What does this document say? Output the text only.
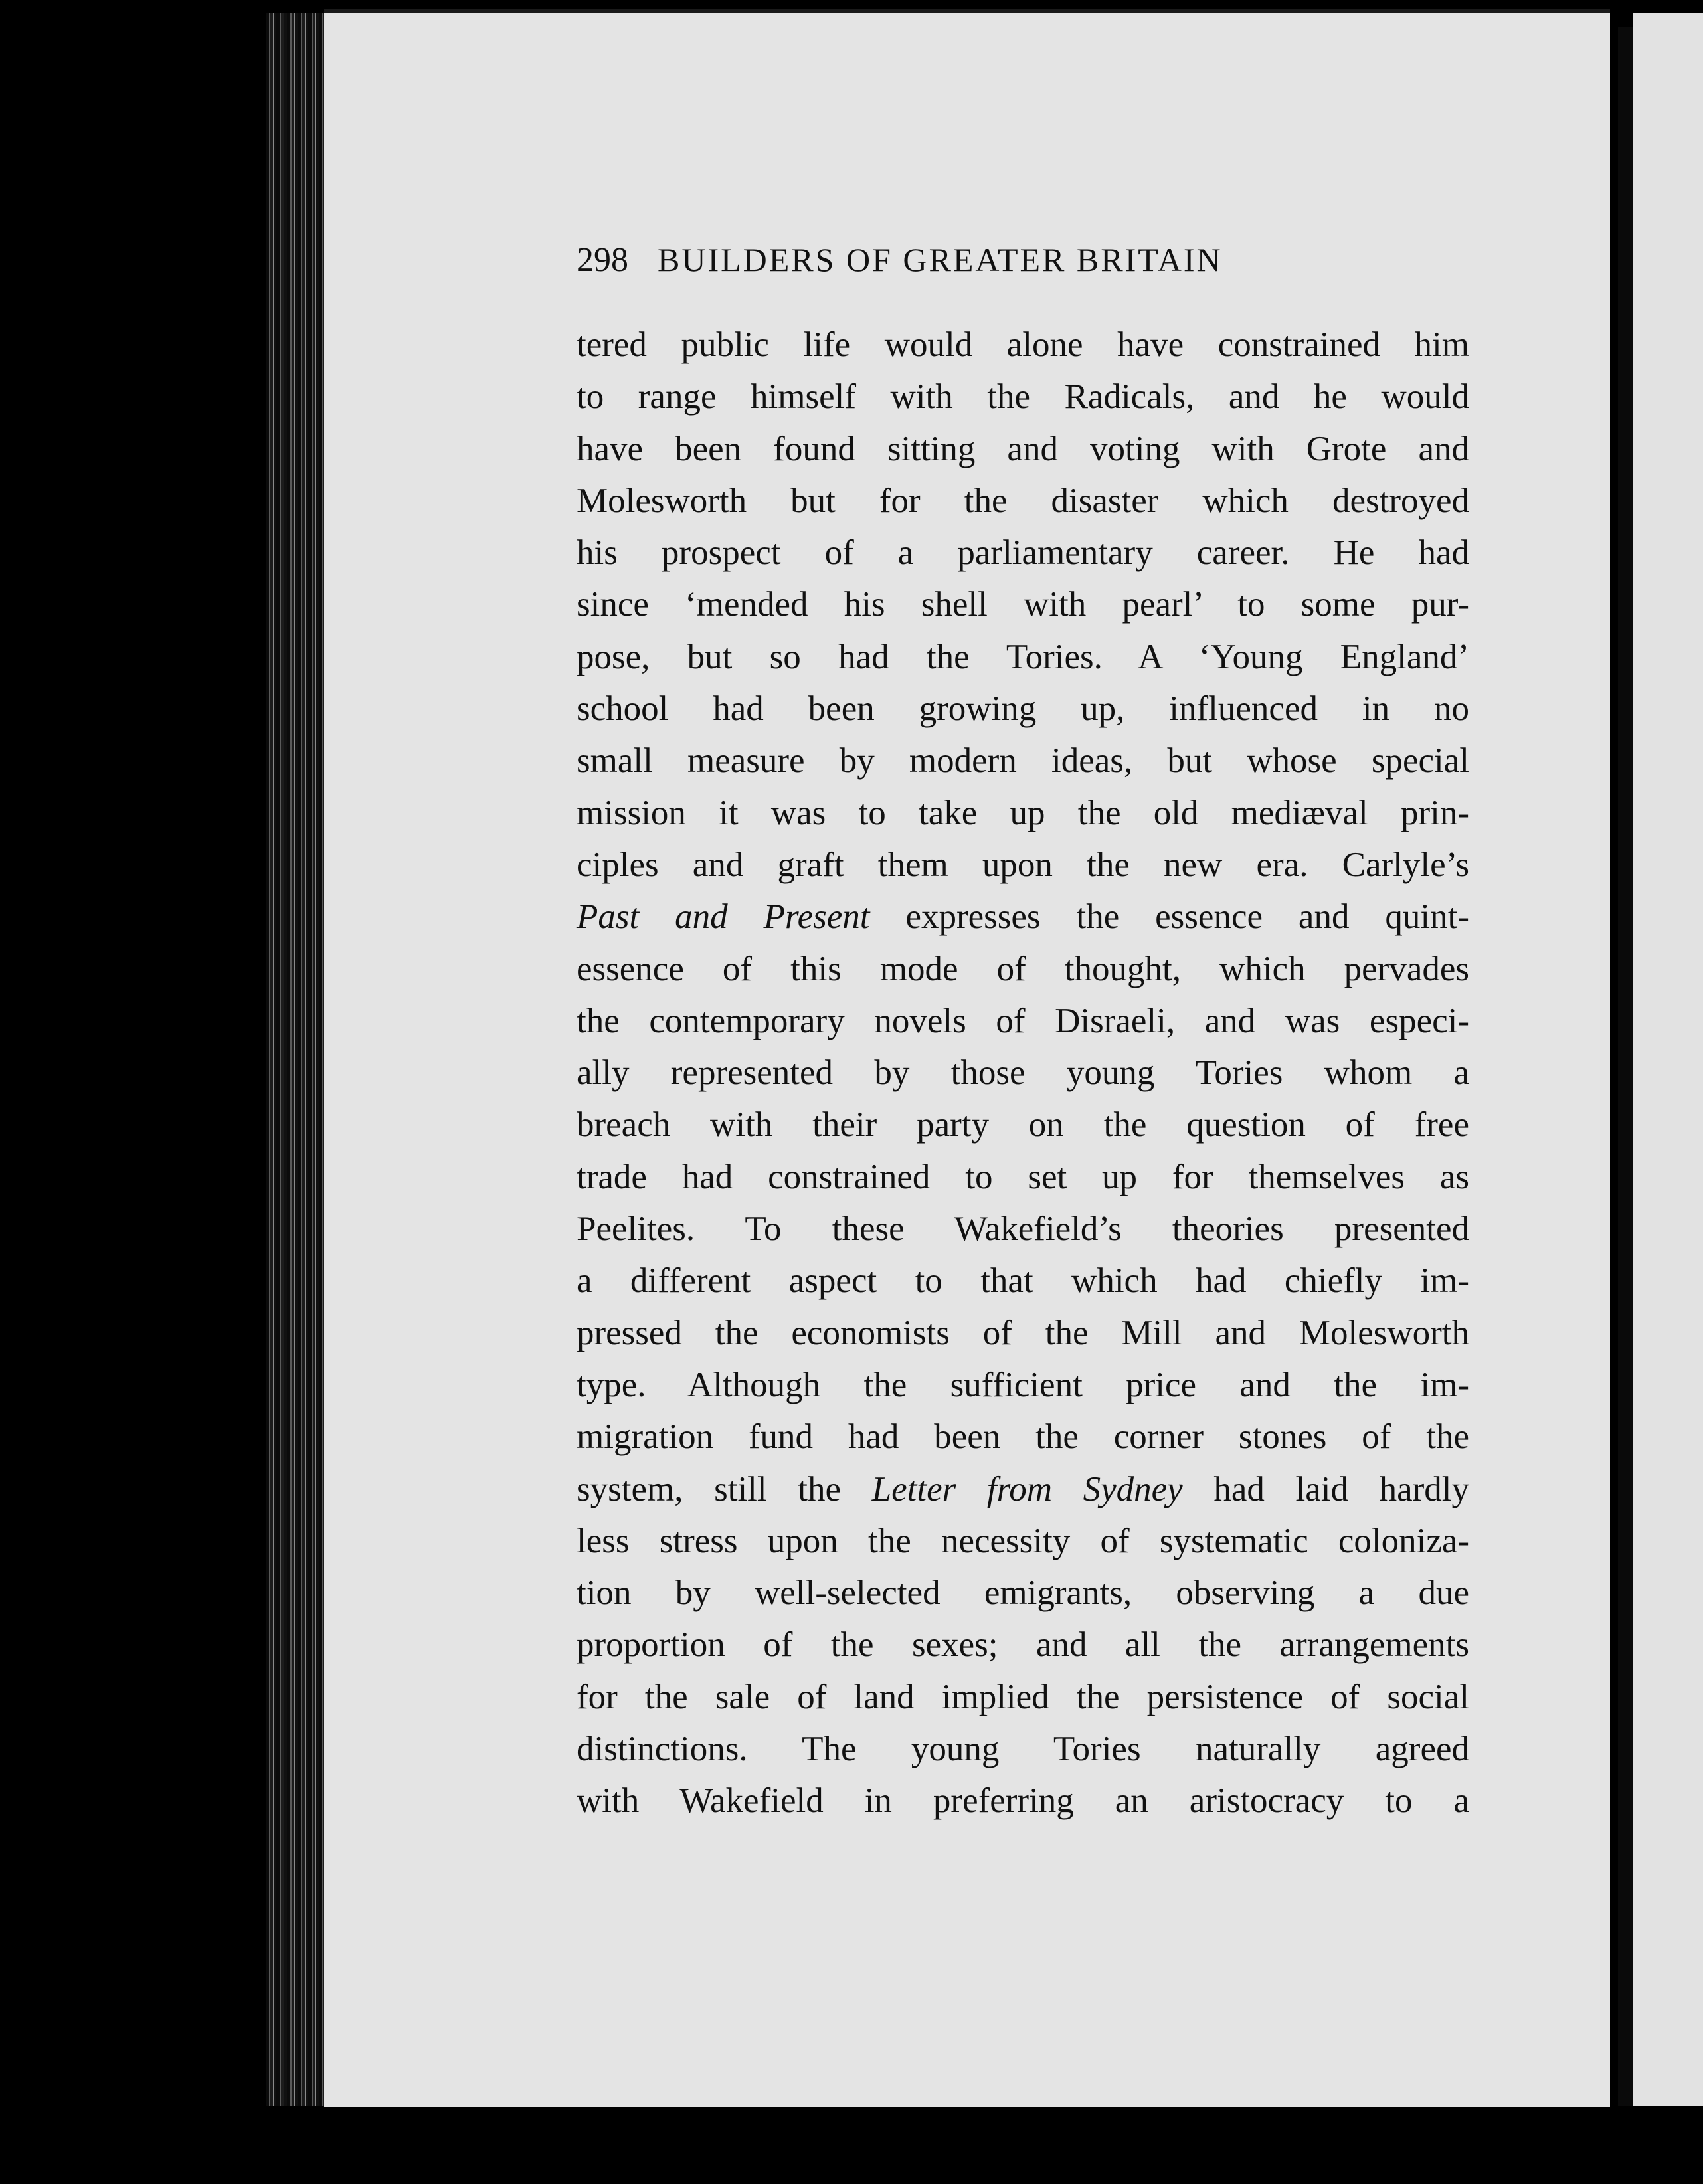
298 BUILDERS OF GREATER BRITAIN
tered public life would alone have constrained him
to range himself with the Radicals, and he would
have been found sitting and voting with Grote and
Molesworth but for the disaster which destroyed
his prospect of a parliamentary career. He had
since ‘mended his shell with pearl’ to some pur-
pose, but so had the Tories. A ‘Young England’
school had been growing up, influenced in no
small measure by modern ideas, but whose special
mission it was to take up the old mediæval prin-
ciples and graft them upon the new era. Carlyle’s
Past and Present expresses the essence and quint-
essence of this mode of thought, which pervades
the contemporary novels of Disraeli, and was especi-
ally represented by those young Tories whom a
breach with their party on the question of free
trade had constrained to set up for themselves as
Peelites. To these Wakefield’s theories presented
a different aspect to that which had chiefly im-
pressed the economists of the Mill and Molesworth
type. Although the sufficient price and the im-
migration fund had been the corner stones of the
system, still the Letter from Sydney had laid hardly
less stress upon the necessity of systematic coloniza-
tion by well-selected emigrants, observing a due
proportion of the sexes; and all the arrangements
for the sale of land implied the persistence of social
distinctions. The young Tories naturally agreed
with Wakefield in preferring an aristocracy to a
